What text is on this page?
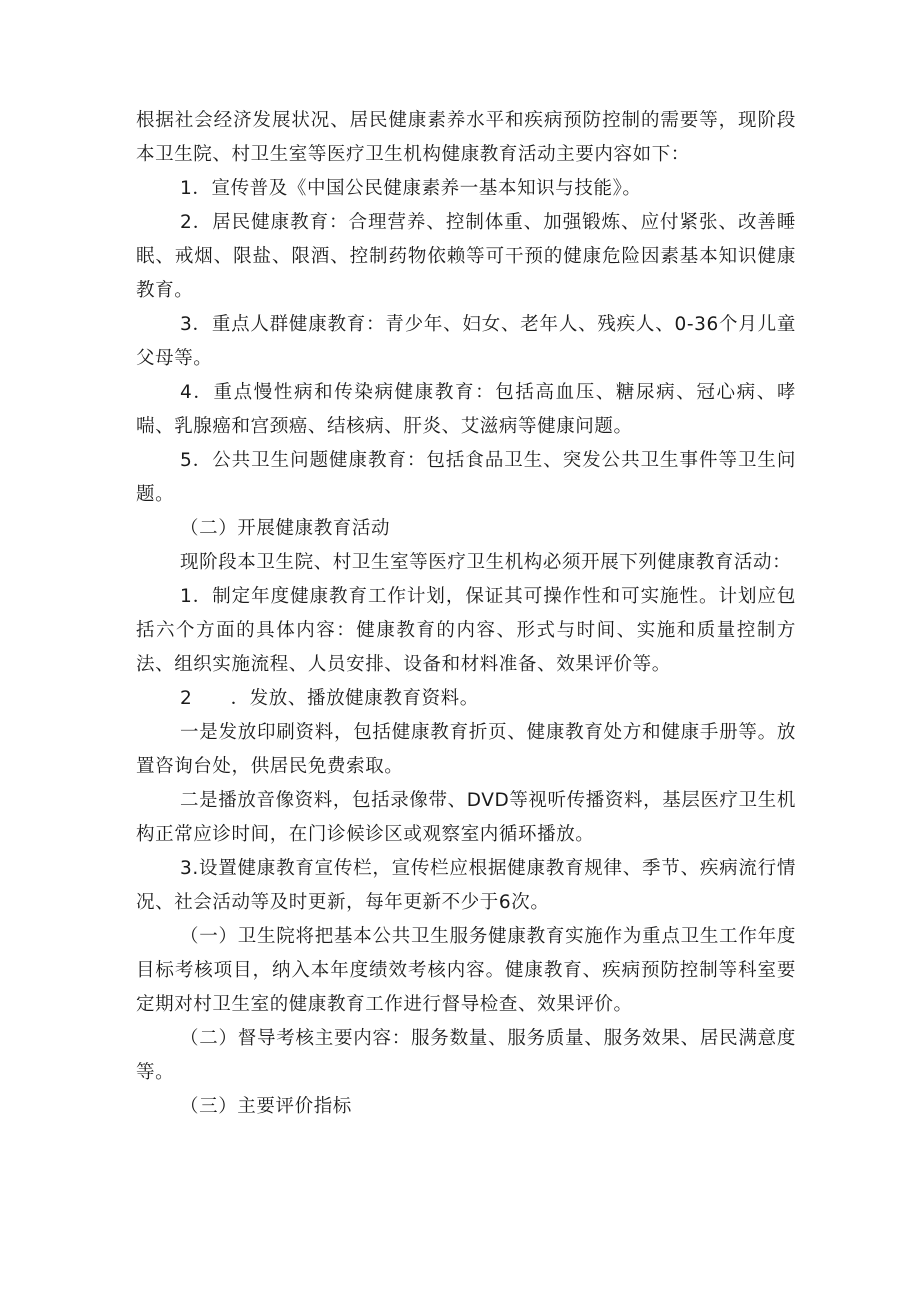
根据社会经济发展状况、居民健康素养水平和疾病预防控制的需要等，现阶段本卫生院、村卫生室等医疗卫生机构健康教育活动主要内容如下：

1．宣传普及《中国公民健康素养一基本知识与技能》。

2．居民健康教育：合理营养、控制体重、加强锻炼、应付紧张、改善睡眠、戒烟、限盐、限酒、控制药物依赖等可干预的健康危险因素基本知识健康教育。

3．重点人群健康教育：青少年、妇女、老年人、残疾人、0-36个月儿童父母等。

4．重点慢性病和传染病健康教育：包括高血压、糖尿病、冠心病、哮喘、乳腺癌和宫颈癌、结核病、肝炎、艾滋病等健康问题。

5．公共卫生问题健康教育：包括食品卫生、突发公共卫生事件等卫生问题。

（二）开展健康教育活动

现阶段本卫生院、村卫生室等医疗卫生机构必须开展下列健康教育活动：

1．制定年度健康教育工作计划，保证其可操作性和可实施性。计划应包括六个方面的具体内容：健康教育的内容、形式与时间、实施和质量控制方法、组织实施流程、人员安排、设备和材料准备、效果评价等。

2　　．发放、播放健康教育资料。

一是发放印刷资料，包括健康教育折页、健康教育处方和健康手册等。放置咨询台处，供居民免费索取。

二是播放音像资料，包括录像带、DVD等视听传播资料，基层医疗卫生机构正常应诊时间，在门诊候诊区或观察室内循环播放。

3.设置健康教育宣传栏，宣传栏应根据健康教育规律、季节、疾病流行情况、社会活动等及时更新，每年更新不少于6次。

（一）卫生院将把基本公共卫生服务健康教育实施作为重点卫生工作年度目标考核项目，纳入本年度绩效考核内容。健康教育、疾病预防控制等科室要定期对村卫生室的健康教育工作进行督导检查、效果评价。

（二）督导考核主要内容：服务数量、服务质量、服务效果、居民满意度等。

（三）主要评价指标
